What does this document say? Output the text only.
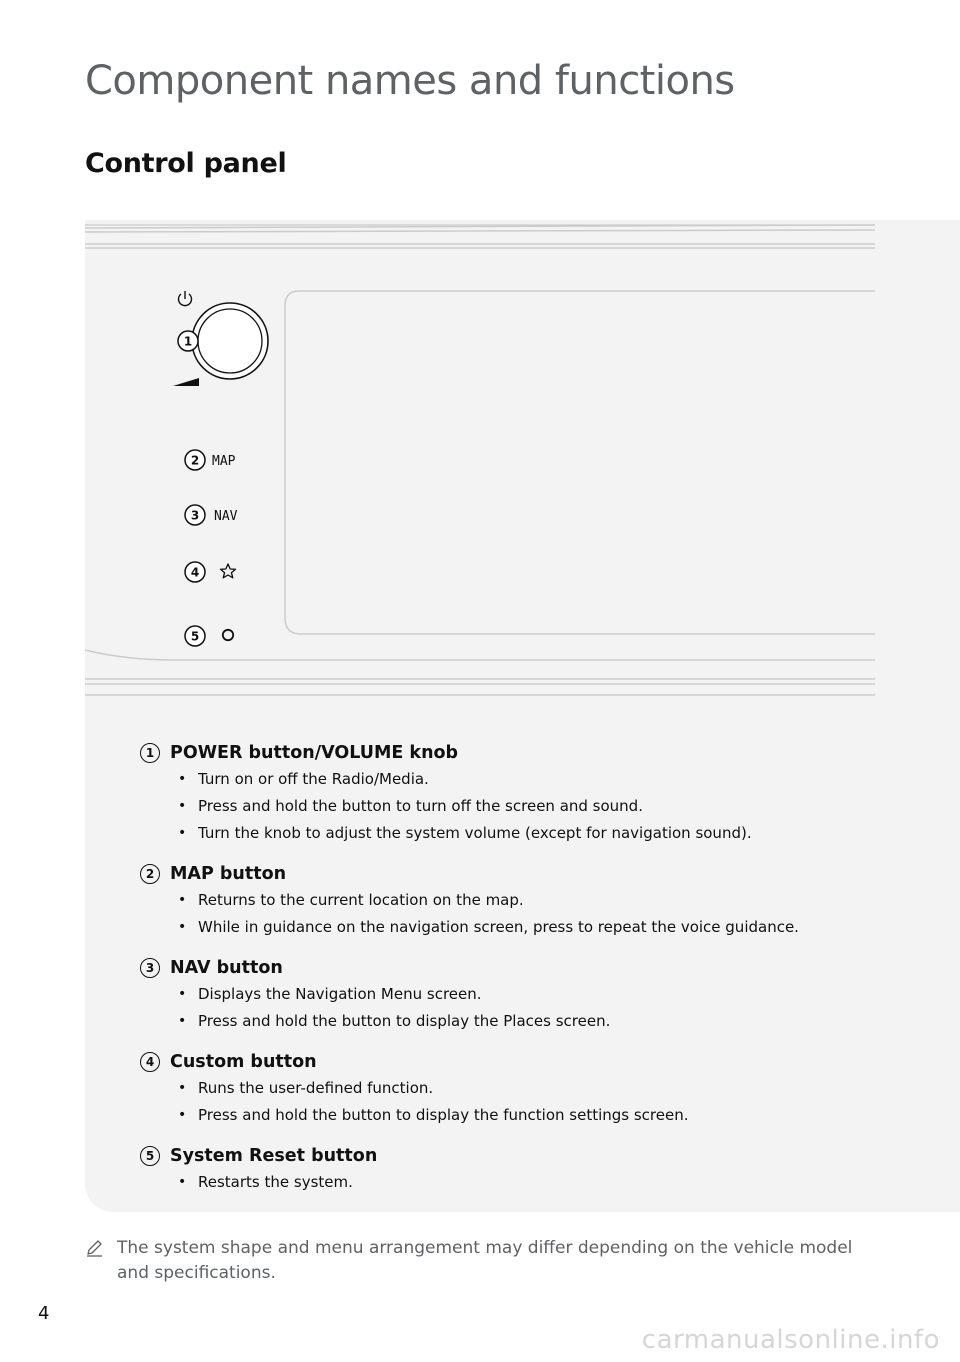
Component names and functions
Control panel
1
2
3
4
5
MAP
NAV
1 POWER button/VOLUME knob
• Turn on or off the Radio/Media.
• Press and hold the button to turn off the screen and sound.
• Turn the knob to adjust the system volume (except for navigation sound).
2 MAP button
• Returns to the current location on the map.
• While in guidance on the navigation screen, press to repeat the voice guidance.
3 NAV button
• Displays the Navigation Menu screen.
• Press and hold the button to display the Places screen.
4 Custom button
• Runs the user-defined function.
• Press and hold the button to display the function settings screen.
5 System Reset button
• Restarts the system.
The system shape and menu arrangement may differ depending on the vehicle model and specifications.
4
carmanualsonline.info
